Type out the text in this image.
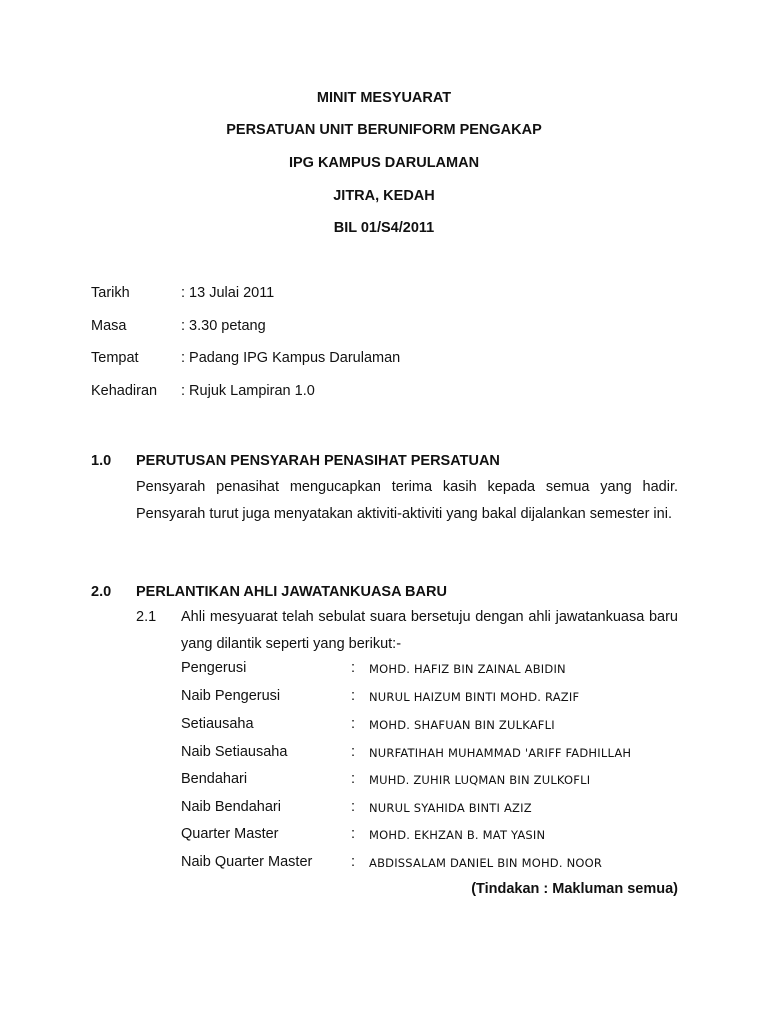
MINIT MESYUARAT

PERSATUAN UNIT BERUNIFORM PENGAKAP

IPG KAMPUS DARULAMAN

JITRA, KEDAH

BIL 01/S4/2011

Tarikh	: 13 Julai 2011
Masa	: 3.30 petang
Tempat	: Padang IPG Kampus Darulaman
Kehadiran : Rujuk Lampiran 1.0
1.0 PERUTUSAN PENSYARAH PENASIHAT PERSATUAN
Pensyarah penasihat mengucapkan terima kasih kepada semua yang hadir. Pensyarah turut juga menyatakan aktiviti-aktiviti yang bakal dijalankan semester ini.
2.0 PERLANTIKAN AHLI JAWATANKUASA BARU
2.1 Ahli mesyuarat telah sebulat suara bersetuju dengan ahli jawatankuasa baru yang dilantik seperti yang berikut:-
Pengerusi	: MOHD. HAFIZ BIN ZAINAL ABIDIN
Naib Pengerusi	: NURUL HAIZUM BINTI MOHD. RAZIF
Setiausaha	: MOHD. SHAFUAN BIN ZULKAFLI
Naib Setiausaha	: NURFATIHAH MUHAMMAD 'ARIFF FADHILLAH
Bendahari	: MUHD. ZUHIR LUQMAN BIN ZULKOFLI
Naib Bendahari	: NURUL SYAHIDA BINTI AZIZ
Quarter Master	: MOHD. EKHZAN B. MAT YASIN
Naib Quarter Master	: ABDISSALAM DANIEL BIN MOHD. NOOR
(Tindakan : Makluman semua)
